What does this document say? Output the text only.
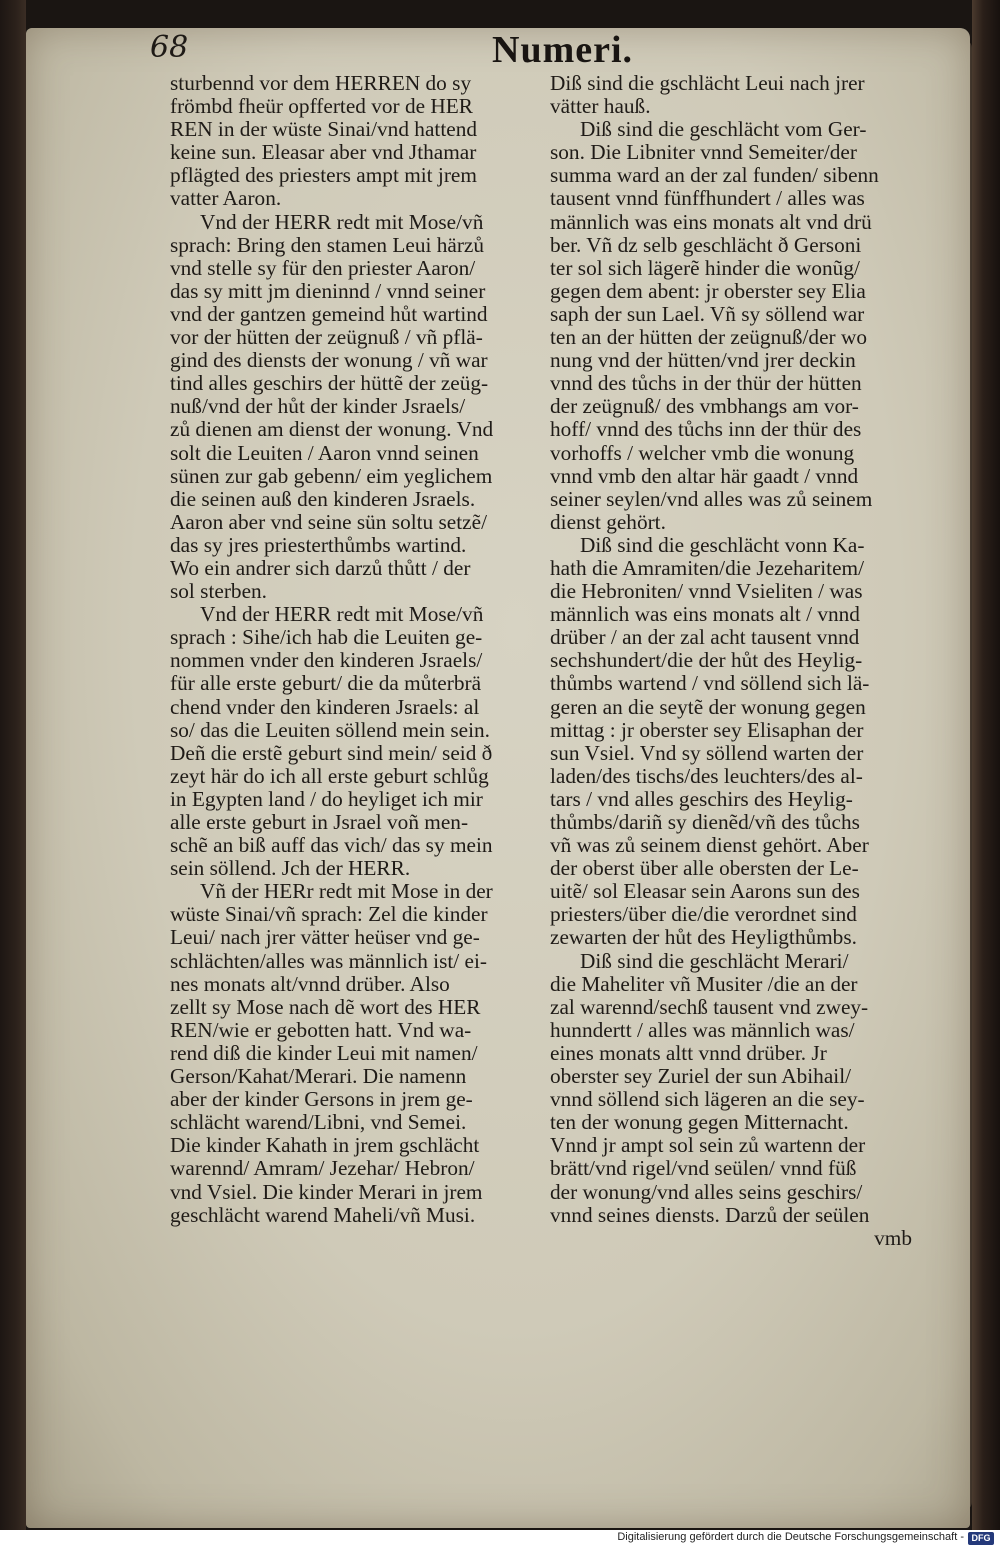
68	Numeri.
sturbennd vor dem HERREN do sy
frömbd fheür opfferted vor de HER
REN in der wüste Sinai/vnd hattend
keine sun. Eleasar aber vnd Jthamar
pflägted des priesters ampt mit jrem
vatter Aaron.
Vnd der HERR redt mit Mose/vñ
sprach: Bring den stamen Leui härzů
vnd stelle sy für den priester Aaron/
das sy mitt jm dieninnd / vnnd seiner
vnd der gantzen gemeind hůt wartind
vor der hütten der zeügnuß / vñ pflä-
gind des diensts der wonung / vñ war
tind alles geschirs der hüttẽ der zeüg-
nuß/vnd der hůt der kinder Jsraels/
zů dienen am dienst der wonung. Vnd
solt die Leuiten / Aaron vnnd seinen
sünen zur gab gebenn/ eim yeglichem
die seinen auß den kinderen Jsraels.
Aaron aber vnd seine sün soltu setzẽ/
das sy jres priesterthůmbs wartind.
Wo ein andrer sich darzů thůtt / der
sol sterben.
Vnd der HERR redt mit Mose/vñ
sprach : Sihe/ich hab die Leuiten ge-
nommen vnder den kinderen Jsraels/
für alle erste geburt/ die da můterbrä
chend vnder den kinderen Jsraels: al
so/ das die Leuiten söllend mein sein.
Deñ die erstẽ geburt sind mein/ seid ð
zeyt här do ich all erste geburt schlůg
in Egypten land / do heyliget ich mir
alle erste geburt in Jsrael voñ men-
schẽ an biß auff das vich/ das sy mein
sein söllend. Jch der HERR.
Vñ der HERr redt mit Mose in der
wüste Sinai/vñ sprach: Zel die kinder
Leui/ nach jrer vätter heüser vnd ge-
schlächten/alles was männlich ist/ ei-
nes monats alt/vnnd drüber. Also
zellt sy Mose nach dẽ wort des HER
REN/wie er gebotten hatt. Vnd wa-
rend diß die kinder Leui mit namen/
Gerson/Kahat/Merari. Die namenn
aber der kinder Gersons in jrem ge-
schlächt warend/Libni, vnd Semei.
Die kinder Kahath in jrem gschlächt
warennd/ Amram/ Jezehar/ Hebron/
vnd Vsiel. Die kinder Merari in jrem
geschlächt warend Maheli/vñ Musi.
Diß sind die gschlächt Leui nach jrer
vätter hauß.
Diß sind die geschlächt vom Ger-
son. Die Libniter vnnd Semeiter/der
summa ward an der zal funden/ sibenn
tausent vnnd fünffhundert / alles was
männlich was eins monats alt vnd drü
ber. Vñ dz selb geschlächt ð Gersoni
ter sol sich lägerẽ hinder die wonũg/
gegen dem abent: jr oberster sey Elia
saph der sun Lael. Vñ sy söllend war
ten an der hütten der zeügnuß/der wo
nung vnd der hütten/vnd jrer deckin
vnnd des tůchs in der thür der hütten
der zeügnuß/ des vmbhangs am vor-
hoff/ vnnd des tůchs inn der thür des
vorhoffs / welcher vmb die wonung
vnnd vmb den altar här gaadt / vnnd
seiner seylen/vnd alles was zů seinem
dienst gehört.
Diß sind die geschlächt vonn Ka-
hath die Amramiten/die Jezeharitem/
die Hebroniten/ vnnd Vsieliten / was
männlich was eins monats alt / vnnd
drüber / an der zal acht tausent vnnd
sechshundert/die der hůt des Heylig-
thůmbs wartend / vnd söllend sich lä-
geren an die seytẽ der wonung gegen
mittag : jr oberster sey Elisaphan der
sun Vsiel. Vnd sy söllend warten der
laden/des tischs/des leuchters/des al-
tars / vnd alles geschirs des Heylig-
thůmbs/dariñ sy dienẽd/vñ des tůchs
vñ was zů seinem dienst gehört. Aber
der oberst über alle obersten der Le-
uitẽ/ sol Eleasar sein Aarons sun des
priesters/über die/die verordnet sind
zewarten der hůt des Heyligthůmbs.
Diß sind die geschlächt Merari/
die Maheliter vñ Musiter /die an der
zal warennd/sechß tausent vnd zwey-
hunndertt / alles was männlich was/
eines monats altt vnnd drüber. Jr
oberster sey Zuriel der sun Abihail/
vnnd söllend sich lägeren an die sey-
ten der wonung gegen Mitternacht.
Vnnd jr ampt sol sein zů wartenn der
brätt/vnd rigel/vnd seülen/ vnnd füß
der wonung/vnd alles seins geschirs/
vnnd seines diensts. Darzů der seülen
vmb
Digitalisierung gefördert durch die Deutsche Forschungsgemeinschaft - DFG
